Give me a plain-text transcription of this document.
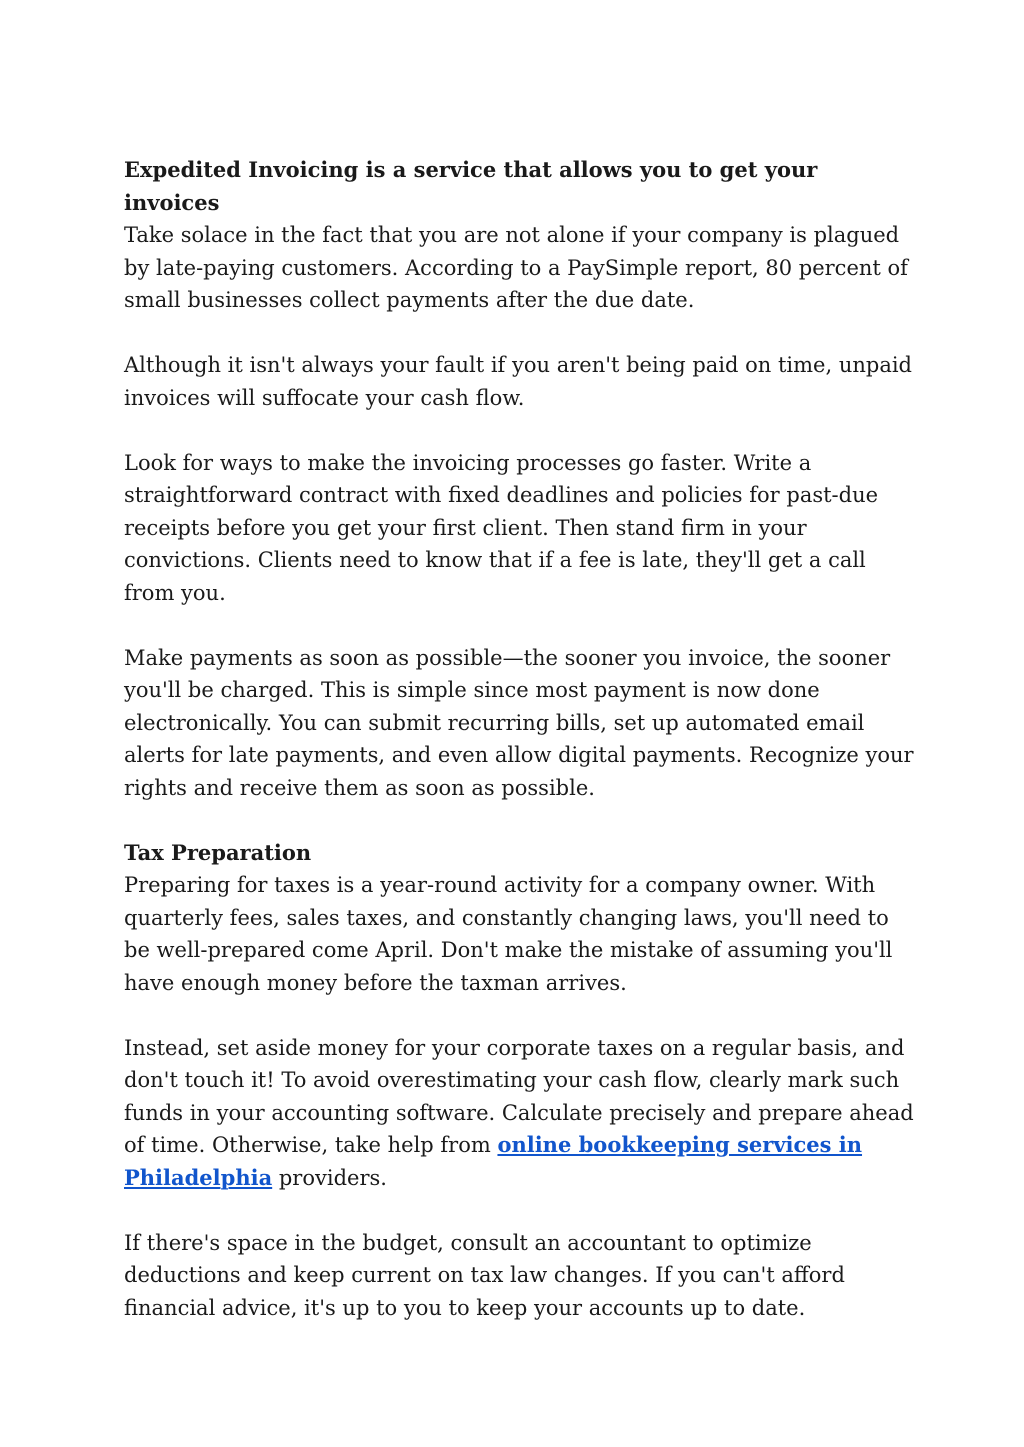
Expedited Invoicing is a service that allows you to get your invoices

Take solace in the fact that you are not alone if your company is plagued by late-paying customers. According to a PaySimple report, 80 percent of small businesses collect payments after the due date.

Although it isn't always your fault if you aren't being paid on time, unpaid invoices will suffocate your cash flow.

Look for ways to make the invoicing processes go faster. Write a straightforward contract with fixed deadlines and policies for past-due receipts before you get your first client. Then stand firm in your convictions. Clients need to know that if a fee is late, they'll get a call from you.

Make payments as soon as possible—the sooner you invoice, the sooner you'll be charged. This is simple since most payment is now done electronically. You can submit recurring bills, set up automated email alerts for late payments, and even allow digital payments. Recognize your rights and receive them as soon as possible.

Tax Preparation

Preparing for taxes is a year-round activity for a company owner. With quarterly fees, sales taxes, and constantly changing laws, you'll need to be well-prepared come April. Don't make the mistake of assuming you'll have enough money before the taxman arrives.

Instead, set aside money for your corporate taxes on a regular basis, and don't touch it! To avoid overestimating your cash flow, clearly mark such funds in your accounting software. Calculate precisely and prepare ahead of time. Otherwise, take help from online bookkeeping services in Philadelphia providers.

If there's space in the budget, consult an accountant to optimize deductions and keep current on tax law changes. If you can't afford financial advice, it's up to you to keep your accounts up to date.
